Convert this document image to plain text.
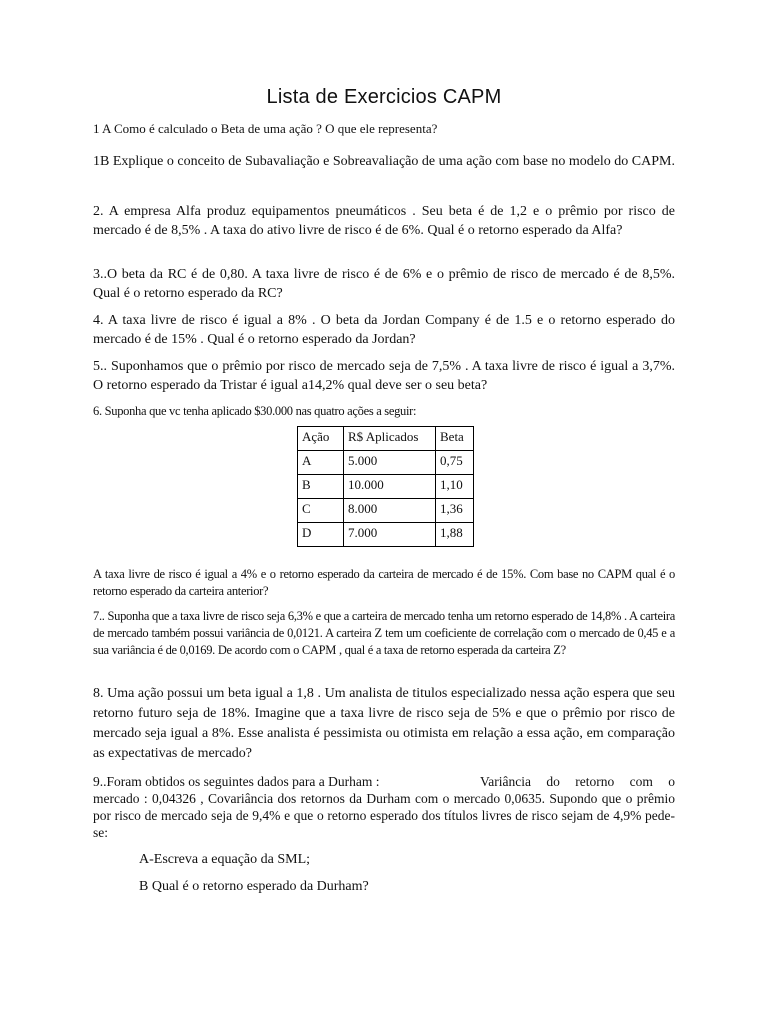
Lista de Exercicios CAPM
1 A Como é calculado o Beta de uma ação ? O que ele representa?
1B Explique o conceito de Subavaliação e Sobreavaliação de uma ação com base no modelo do CAPM.
2. A empresa Alfa produz equipamentos pneumáticos . Seu beta é de 1,2 e o prêmio por risco de mercado é de 8,5% . A taxa do ativo livre de risco é de 6%. Qual é o retorno esperado da Alfa?
3..O beta da RC é de 0,80. A taxa livre de risco é de 6% e o prêmio de risco de mercado é de 8,5%. Qual é o retorno esperado da RC?
4. A taxa livre de risco é igual a 8% . O beta da Jordan Company é de 1.5 e o retorno esperado do mercado é de 15% . Qual é o retorno esperado da Jordan?
5.. Suponhamos que o prêmio por risco de mercado seja de 7,5% . A taxa livre de risco é igual a 3,7%. O retorno esperado da Tristar é igual a14,2% qual deve ser o seu beta?
6. Suponha que vc tenha aplicado $30.000 nas quatro ações a seguir:
Ação	R$ Aplicados	Beta
A	5.000	0,75
B	10.000	1,10
C	8.000	1,36
D	7.000	1,88
A taxa livre de risco é igual a 4% e o retorno esperado da carteira de mercado é de 15%. Com base no CAPM qual é o retorno esperado da carteira anterior?
7.. Suponha que a taxa livre de risco seja 6,3% e que a carteira de mercado tenha um retorno esperado de 14,8% . A carteira de mercado também possui variância de 0,0121. A carteira Z tem um coeficiente de correlação com o mercado de 0,45 e a sua variância é de 0,0169. De acordo com o CAPM , qual é a taxa de retorno esperada da carteira Z?
8. Uma ação possui um beta igual a 1,8 . Um analista de titulos especializado nessa ação espera que seu retorno futuro seja de 18%. Imagine que a taxa livre de risco seja de 5% e que o prêmio por risco de mercado seja igual a 8%. Esse analista é pessimista ou otimista em relação a essa ação, em comparação as expectativas de mercado?
9..Foram obtidos os seguintes dados para a Durham :	Variância do retorno com o
mercado : 0,04326 , Covariância dos retornos da Durham com o mercado 0,0635. Supondo que o prêmio por risco de mercado seja de 9,4% e que o retorno esperado dos títulos livres de risco sejam de 4,9% pede-se:
A-Escreva a equação da SML;
B Qual é o retorno esperado da Durham?
